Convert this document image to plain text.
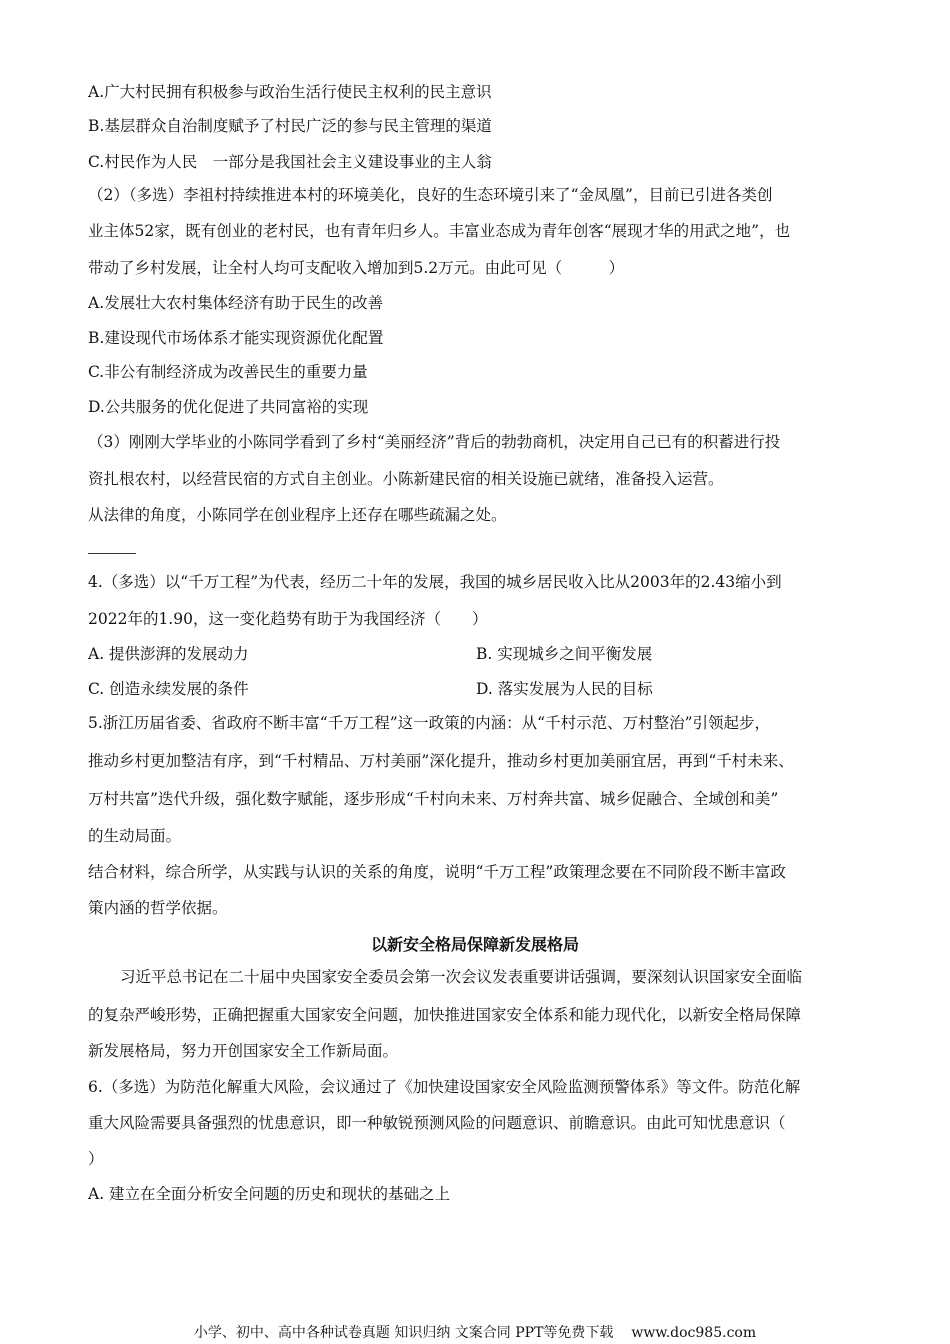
A.广大村民拥有积极参与政治生活行使民主权利的民主意识
B.基层群众自治制度赋予了村民广泛的参与民主管理的渠道
C.村民作为人民　一部分是我国社会主义建设事业的主人翁
（2）（多选）李祖村持续推进本村的环境美化，良好的生态环境引来了“金凤凰”，目前已引进各类创
业主体52家，既有创业的老村民，也有青年归乡人。丰富业态成为青年创客“展现才华的用武之地”，也
带动了乡村发展，让全村人均可支配收入增加到5.2万元。由此可见（　　　）
A.发展壮大农村集体经济有助于民生的改善
B.建设现代市场体系才能实现资源优化配置
C.非公有制经济成为改善民生的重要力量
D.公共服务的优化促进了共同富裕的实现
（3）刚刚大学毕业的小陈同学看到了乡村“美丽经济”背后的勃勃商机，决定用自己已有的积蓄进行投
资扎根农村，以经营民宿的方式自主创业。小陈新建民宿的相关设施已就绪，准备投入运营。
从法律的角度，小陈同学在创业程序上还存在哪些疏漏之处。
4.（多选）以“千万工程”为代表，经历二十年的发展，我国的城乡居民收入比从2003年的2.43缩小到
2022年的1.90，这一变化趋势有助于为我国经济（　　）
A. 提供澎湃的发展动力	B. 实现城乡之间平衡发展
C. 创造永续发展的条件	D. 落实发展为人民的目标
5.浙江历届省委、省政府不断丰富“千万工程”这一政策的内涵：从“千村示范、万村整治”引领起步，
推动乡村更加整洁有序，到“千村精品、万村美丽”深化提升，推动乡村更加美丽宜居，再到“千村未来、
万村共富”迭代升级，强化数字赋能，逐步形成“千村向未来、万村奔共富、城乡促融合、全域创和美”
的生动局面。
结合材料，综合所学，从实践与认识的关系的角度，说明“千万工程”政策理念要在不同阶段不断丰富政
策内涵的哲学依据。
以新安全格局保障新发展格局
习近平总书记在二十届中央国家安全委员会第一次会议发表重要讲话强调，要深刻认识国家安全面临
的复杂严峻形势，正确把握重大国家安全问题，加快推进国家安全体系和能力现代化，以新安全格局保障
新发展格局，努力开创国家安全工作新局面。
6.（多选）为防范化解重大风险，会议通过了《加快建设国家安全风险监测预警体系》等文件。防范化解
重大风险需要具备强烈的忧患意识，即一种敏锐预测风险的问题意识、前瞻意识。由此可知忧患意识（
）
A. 建立在全面分析安全问题的历史和现状的基础之上
小学、初中、高中各种试卷真题 知识归纳 文案合同 PPT等免费下载 www.doc985.com
